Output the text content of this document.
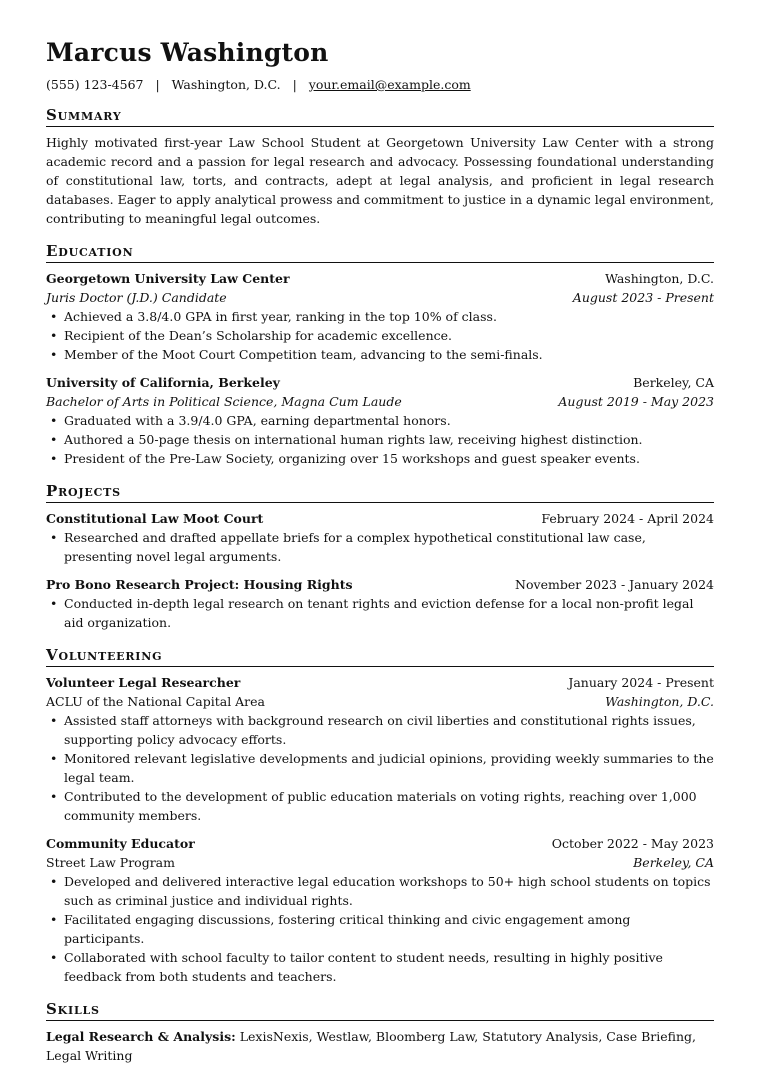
Marcus Washington
(555) 123-4567 | Washington, D.C. | your.email@example.com
Summary
Highly motivated first-year Law School Student at Georgetown University Law Center with a strong academic record and a passion for legal research and advocacy. Possessing foundational understanding of constitutional law, torts, and contracts, adept at legal analysis, and proficient in legal research databases. Eager to apply analytical prowess and commitment to justice in a dynamic legal environment, contributing to meaningful legal outcomes.
Education
Georgetown University Law Center	Washington, D.C.
Juris Doctor (J.D.) Candidate	August 2023 - Present
• Achieved a 3.8/4.0 GPA in first year, ranking in the top 10% of class.
• Recipient of the Dean’s Scholarship for academic excellence.
• Member of the Moot Court Competition team, advancing to the semi-finals.
University of California, Berkeley	Berkeley, CA
Bachelor of Arts in Political Science, Magna Cum Laude	August 2019 - May 2023
• Graduated with a 3.9/4.0 GPA, earning departmental honors.
• Authored a 50-page thesis on international human rights law, receiving highest distinction.
• President of the Pre-Law Society, organizing over 15 workshops and guest speaker events.
Projects
Constitutional Law Moot Court	February 2024 - April 2024
• Researched and drafted appellate briefs for a complex hypothetical constitutional law case, presenting novel legal arguments.
Pro Bono Research Project: Housing Rights	November 2023 - January 2024
• Conducted in-depth legal research on tenant rights and eviction defense for a local non-profit legal aid organization.
Volunteering
Volunteer Legal Researcher	January 2024 - Present
ACLU of the National Capital Area	Washington, D.C.
• Assisted staff attorneys with background research on civil liberties and constitutional rights issues, supporting policy advocacy efforts.
• Monitored relevant legislative developments and judicial opinions, providing weekly summaries to the legal team.
• Contributed to the development of public education materials on voting rights, reaching over 1,000 community members.
Community Educator	October 2022 - May 2023
Street Law Program	Berkeley, CA
• Developed and delivered interactive legal education workshops to 50+ high school students on topics such as criminal justice and individual rights.
• Facilitated engaging discussions, fostering critical thinking and civic engagement among participants.
• Collaborated with school faculty to tailor content to student needs, resulting in highly positive feedback from both students and teachers.
Skills
Legal Research & Analysis: LexisNexis, Westlaw, Bloomberg Law, Statutory Analysis, Case Briefing, Legal Writing
